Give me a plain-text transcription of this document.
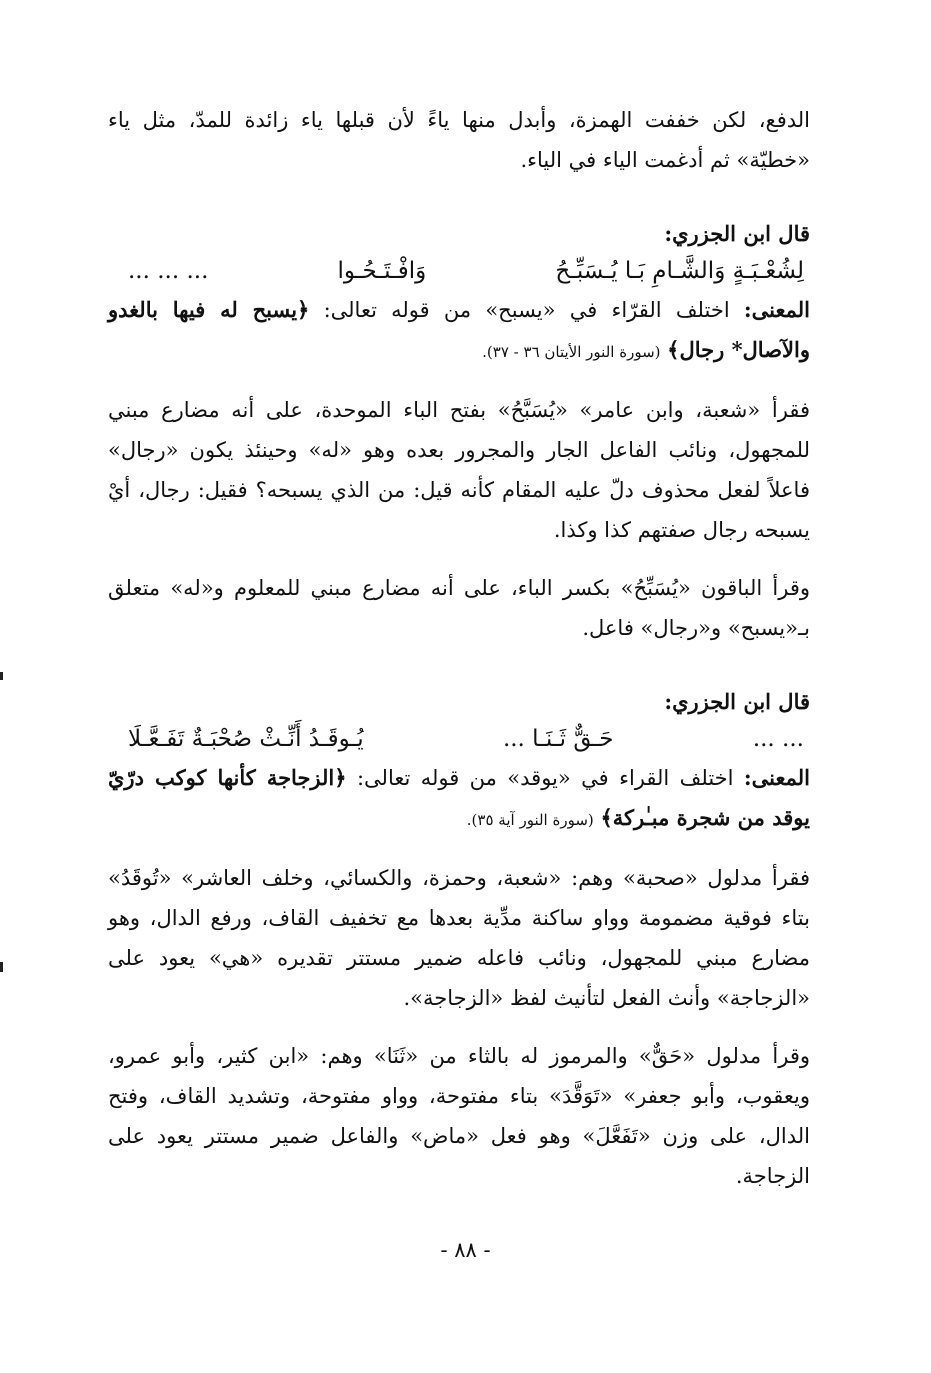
الدفع، لكن خففت الهمزة، وأبدل منها ياءً لأن قبلها ياء زائدة للمدّ، مثل ياء «خطيّة» ثم أدغمت الياء في الياء.

قال ابن الجزري:
لِشُعْـبَـةٍ وَالشَّـامِ بَـا يُـسَبِّـحُ
وَافْـتَـحُـوا
... ... ...

المعنى: اختلف القرّاء في «يسبح» من قوله تعالى: ﴿يسبح له فيها بالغدو والآصال* رجال﴾ (سورة النور الأيتان ٣٦ - ٣٧).

فقرأ «شعبة، وابن عامر» «يُسَبَّحُ» بفتح الباء الموحدة، على أنه مضارع مبني للمجهول، ونائب الفاعل الجار والمجرور بعده وهو «له» وحينئذ يكون «رجال» فاعلاً لفعل محذوف دلّ عليه المقام كأنه قيل: من الذي يسبحه؟ فقيل: رجال، أيْ يسبحه رجال صفتهم كذا وكذا.

وقرأ الباقون «يُسَبِّحُ» بكسر الباء، على أنه مضارع مبني للمعلوم و«له» متعلق بـ«يسبح» و«رجال» فاعل.

قال ابن الجزري:
... ...
حَـقٌّ ثَـنَـا ...
يُـوقَـدُ أَنِّـثْ صُحْبَـةٌ تَفَـعَّـلَا

المعنى: اختلف القراء في «يوقد» من قوله تعالى: ﴿الزجاجة كأنها كوكب درّيّ يوقد من شجرة مبـٰركة﴾ (سورة النور آية ٣٥).

فقرأ مدلول «صحبة» وهم: «شعبة، وحمزة، والكسائي، وخلف العاشر» «تُوقَدُ» بتاء فوقية مضمومة وواو ساكنة مدِّية بعدها مع تخفيف القاف، ورفع الدال، وهو مضارع مبني للمجهول، ونائب فاعله ضمير مستتر تقديره «هي» يعود على «الزجاجة» وأنث الفعل لتأنيث لفظ «الزجاجة».

وقرأ مدلول «حَقٌّ» والمرموز له بالثاء من «ثَنَا» وهم: «ابن كثير، وأبو عمرو، ويعقوب، وأبو جعفر» «تَوَقَّدَ» بتاء مفتوحة، وواو مفتوحة، وتشديد القاف، وفتح الدال، على وزن «تَفَعَّلَ» وهو فعل «ماض» والفاعل ضمير مستتر يعود على الزجاجة.

- ٨٨ -
